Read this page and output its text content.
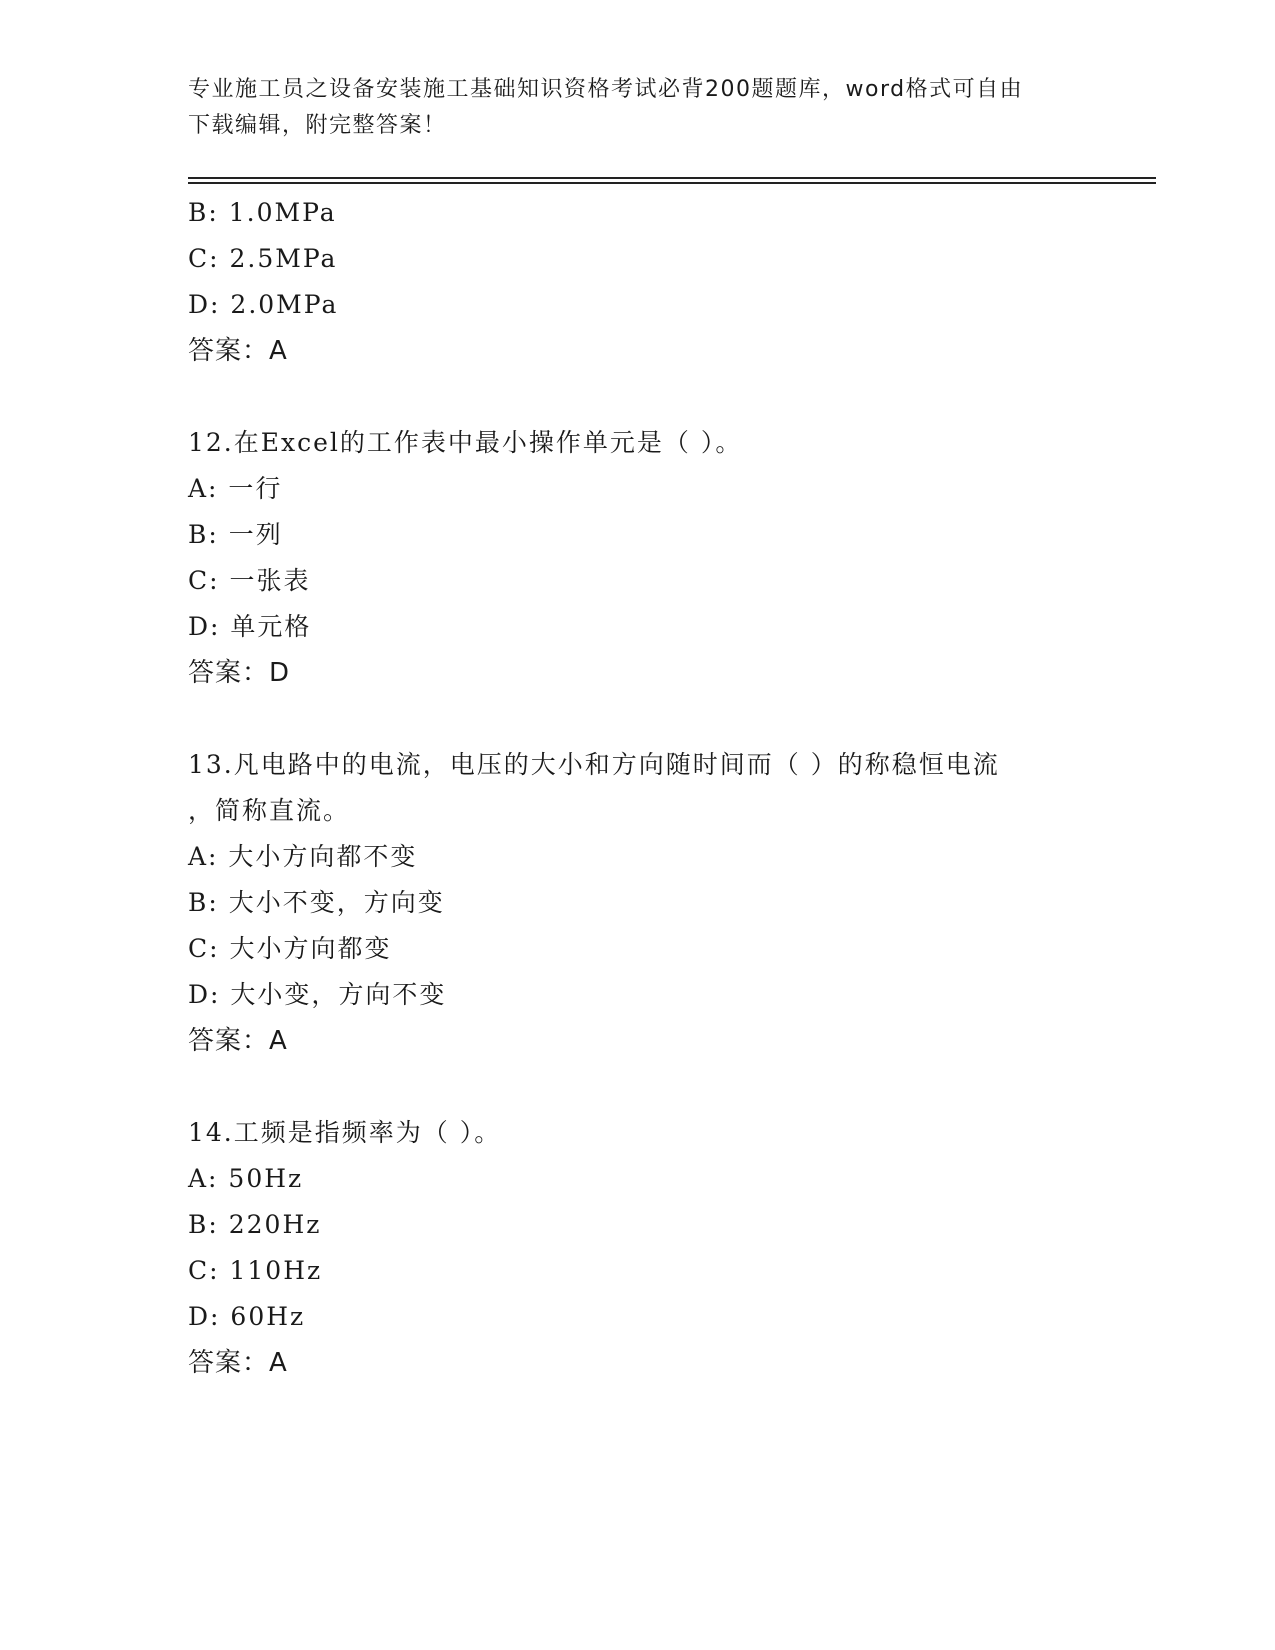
专业施工员之设备安装施工基础知识资格考试必背200题题库，word格式可自由
下载编辑，附完整答案！
B: 1.0MPa
C: 2.5MPa
D: 2.0MPa
答案：A
12.在Excel的工作表中最小操作单元是（ ）。
A: 一行
B: 一列
C: 一张表
D: 单元格
答案：D
13.凡电路中的电流，电压的大小和方向随时间而（ ）的称稳恒电流
，简称直流。
A: 大小方向都不变
B: 大小不变，方向变
C: 大小方向都变
D: 大小变，方向不变
答案：A
14.工频是指频率为（ ）。
A: 50Hz
B: 220Hz
C: 110Hz
D: 60Hz
答案：A
